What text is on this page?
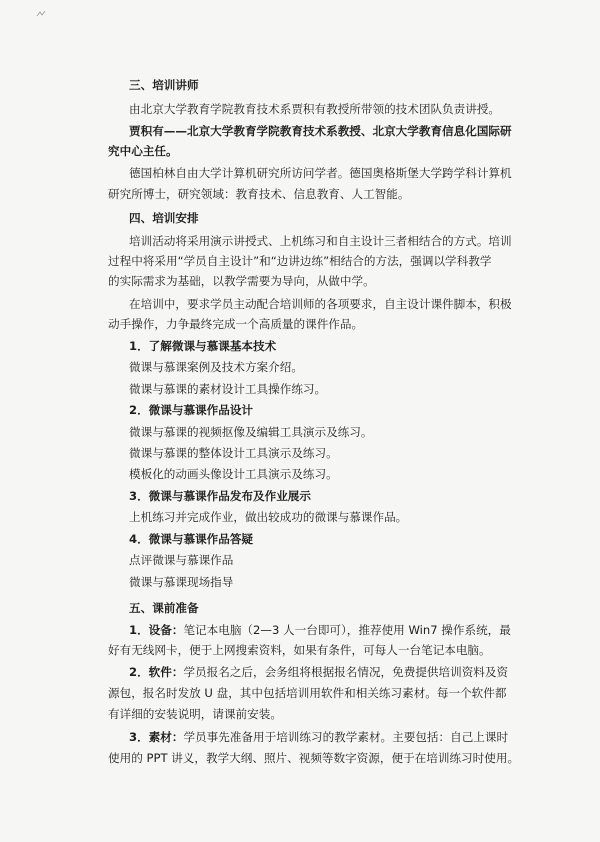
三、培训讲师

由北京大学教育学院教育技术系贾积有教授所带领的技术团队负责讲授。

贾积有——北京大学教育学院教育技术系教授、北京大学教育信息化国际研

究中心主任。

德国柏林自由大学计算机研究所访问学者。德国奥格斯堡大学跨学科计算机

研究所博士，研究领域：教育技术、信息教育、人工智能。

四、培训安排

培训活动将采用演示讲授式、上机练习和自主设计三者相结合的方式。培训

过程中将采用“学员自主设计”和“边讲边练”相结合的方法，强调以学科教学

的实际需求为基础，以教学需要为导向，从做中学。

在培训中，要求学员主动配合培训师的各项要求，自主设计课件脚本，积极

动手操作，力争最终完成一个高质量的课件作品。

1．了解微课与慕课基本技术

微课与慕课案例及技术方案介绍。

微课与慕课的素材设计工具操作练习。

2．微课与慕课作品设计

微课与慕课的视频抠像及编辑工具演示及练习。

微课与慕课的整体设计工具演示及练习。

模板化的动画头像设计工具演示及练习。

3．微课与慕课作品发布及作业展示

上机练习并完成作业，做出较成功的微课与慕课作品。

4．微课与慕课作品答疑

点评微课与慕课作品

微课与慕课现场指导

五、课前准备

1．设备：笔记本电脑（2—3 人一台即可），推荐使用 Win7 操作系统，最

好有无线网卡，便于上网搜索资料，如果有条件，可每人一台笔记本电脑。

2．软件：学员报名之后，会务组将根据报名情况，免费提供培训资料及资

源包，报名时发放 U 盘，其中包括培训用软件和相关练习素材。每一个软件都

有详细的安装说明，请课前安装。

3．素材：学员事先准备用于培训练习的教学素材。主要包括：自己上课时

使用的 PPT 讲义，教学大纲、照片、视频等数字资源，便于在培训练习时使用。
